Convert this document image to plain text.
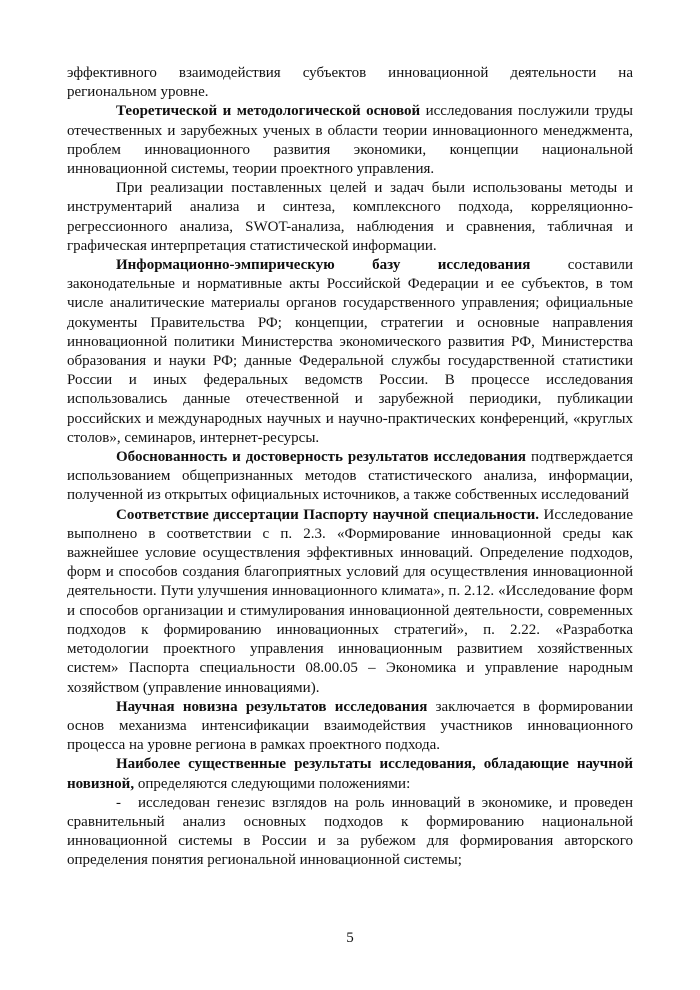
эффективного взаимодействия субъектов инновационной деятельности на региональном уровне.

Теоретической и методологической основой исследования послужили труды отечественных и зарубежных ученых в области теории инновационного менеджмента, проблем инновационного развития экономики, концепции национальной инновационной системы, теории проектного управления.

При реализации поставленных целей и задач были использованы методы и инструментарий анализа и синтеза, комплексного подхода, корреляционно-регрессионного анализа, SWOT-анализа, наблюдения и сравнения, табличная и графическая интерпретация статистической информации.

Информационно-эмпирическую базу исследования составили законодательные и нормативные акты Российской Федерации и ее субъектов, в том числе аналитические материалы органов государственного управления; официальные документы Правительства РФ; концепции, стратегии и основные направления инновационной политики Министерства экономического развития РФ, Министерства образования и науки РФ; данные Федеральной службы государственной статистики России и иных федеральных ведомств России. В процессе исследования использовались данные отечественной и зарубежной периодики, публикации российских и международных научных и научно-практических конференций, «круглых столов», семинаров, интернет-ресурсы.

Обоснованность и достоверность результатов исследования подтверждается использованием общепризнанных методов статистического анализа, информации, полученной из открытых официальных источников, а также собственных исследований

Соответствие диссертации Паспорту научной специальности. Исследование выполнено в соответствии с п. 2.3. «Формирование инновационной среды как важнейшее условие осуществления эффективных инноваций. Определение подходов, форм и способов создания благоприятных условий для осуществления инновационной деятельности. Пути улучшения инновационного климата», п. 2.12. «Исследование форм и способов организации и стимулирования инновационной деятельности, современных подходов к формированию инновационных стратегий», п. 2.22. «Разработка методологии проектного управления инновационным развитием хозяйственных систем» Паспорта специальности 08.00.05 – Экономика и управление народным хозяйством (управление инновациями).

Научная новизна результатов исследования заключается в формировании основ механизма интенсификации взаимодействия участников инновационного процесса на уровне региона в рамках проектного подхода.

Наиболее существенные результаты исследования, обладающие научной новизной, определяются следующими положениями:

- исследован генезис взглядов на роль инноваций в экономике, и проведен сравнительный анализ основных подходов к формированию национальной инновационной системы в России и за рубежом для формирования авторского определения понятия региональной инновационной системы;

5
